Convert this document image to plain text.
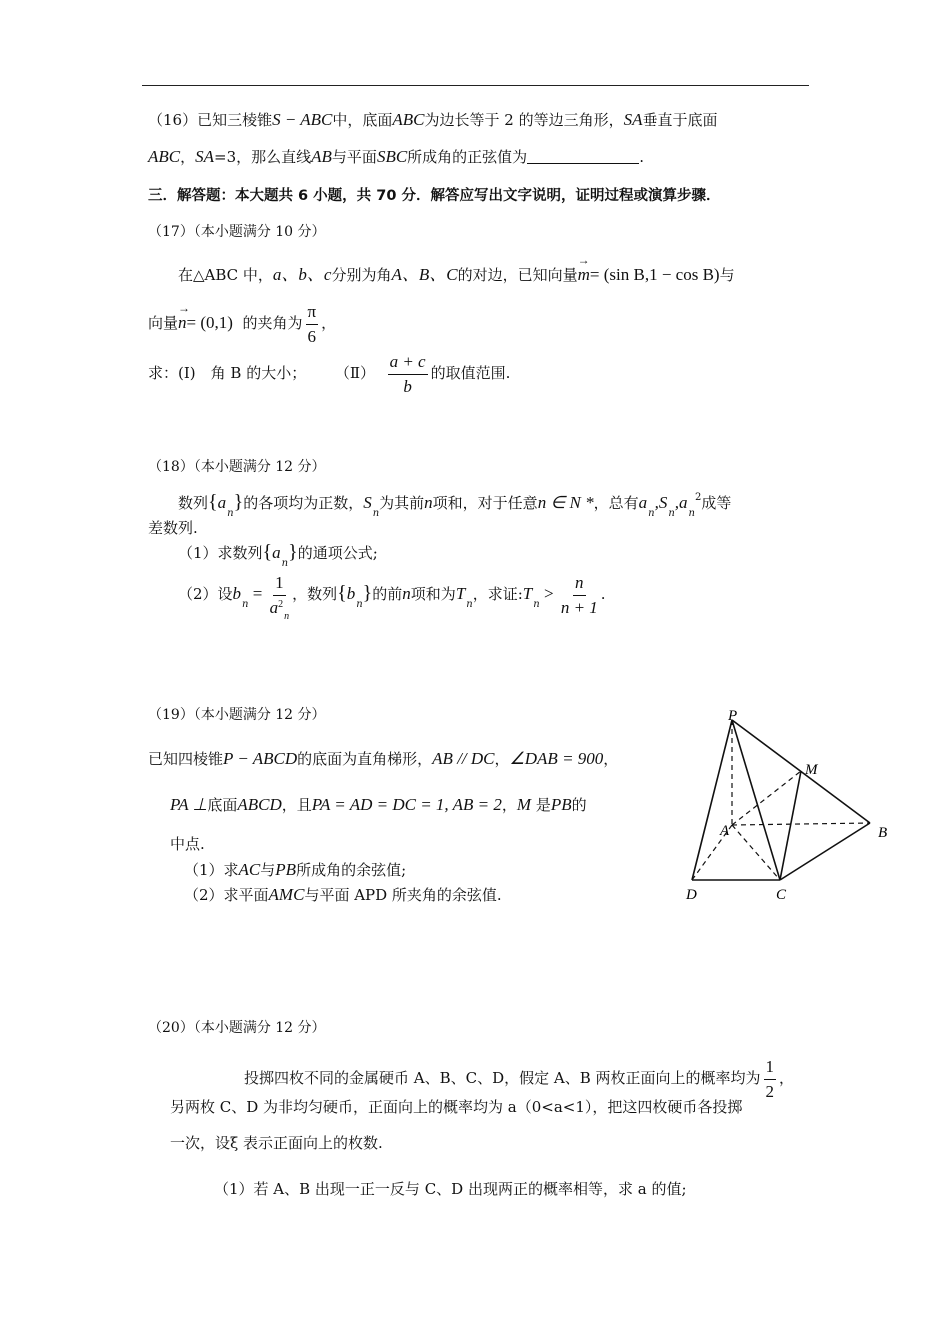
（16）已知三棱锥S − ABC中，底面ABC为边长等于 2 的等边三角形，SA垂直于底面
ABC，SA=3，那么直线AB与平面SBC所成角的正弦值为	.
三．解答题：本大题共 6 小题，共 70 分．解答应写出文字说明，证明过程或演算步骤．
（17）（本小题满分 10 分）
在△ABC 中，a、b、c分别为角A、B、C的对边，已知向量→ m= (sin B,1 − cos B)与
向量→ n= (0,1) 的夹角为 $\frac{\pi}{6}$ ，
求：(Ⅰ)　角 B 的大小； （Ⅱ） $\frac{a + c}{b}$ 的取值范围.
（18）（本小题满分 12 分）
数列$\{a_n\}$的各项均为正数，$S_n$为其前n项和，对于任意n ∈ N *，总有$a_n,S_n,a_n^2$成等
差数列.
（1）求数列$\{a_n\}$的通项公式;
（2）设$b_n = \frac{1}{a^2_n}$ ，数列$\{b_n\}$的前n项和为$T_n$，求证$:T_n > \frac{n}{n + 1}$ .
（19）（本小题满分 12 分）
已知四棱锥P − ABCD的底面为直角梯形，AB // DC，∠DAB = 900，
PA ⊥底面ABCD，且PA = AD = DC = 1, AB = 2，M 是PB的
中点.
（1）求AC与PB所成角的余弦值;
（2）求平面AMC与平面 APD 所夹角的余弦值.
P
M
A	B
D	C
（20）（本小题满分 12 分）
投掷四枚不同的金属硬币 A、B、C、D，假定 A、B 两枚正面向上的概率均为 $\frac{1}{2}$ ，
另两枚 C、D 为非均匀硬币，正面向上的概率均为 a（0<a<1），把这四枚硬币各投掷
一次，设ξ 表示正面向上的枚数.
（1）若 A、B 出现一正一反与 C、D 出现两正的概率相等，求 a 的值;
